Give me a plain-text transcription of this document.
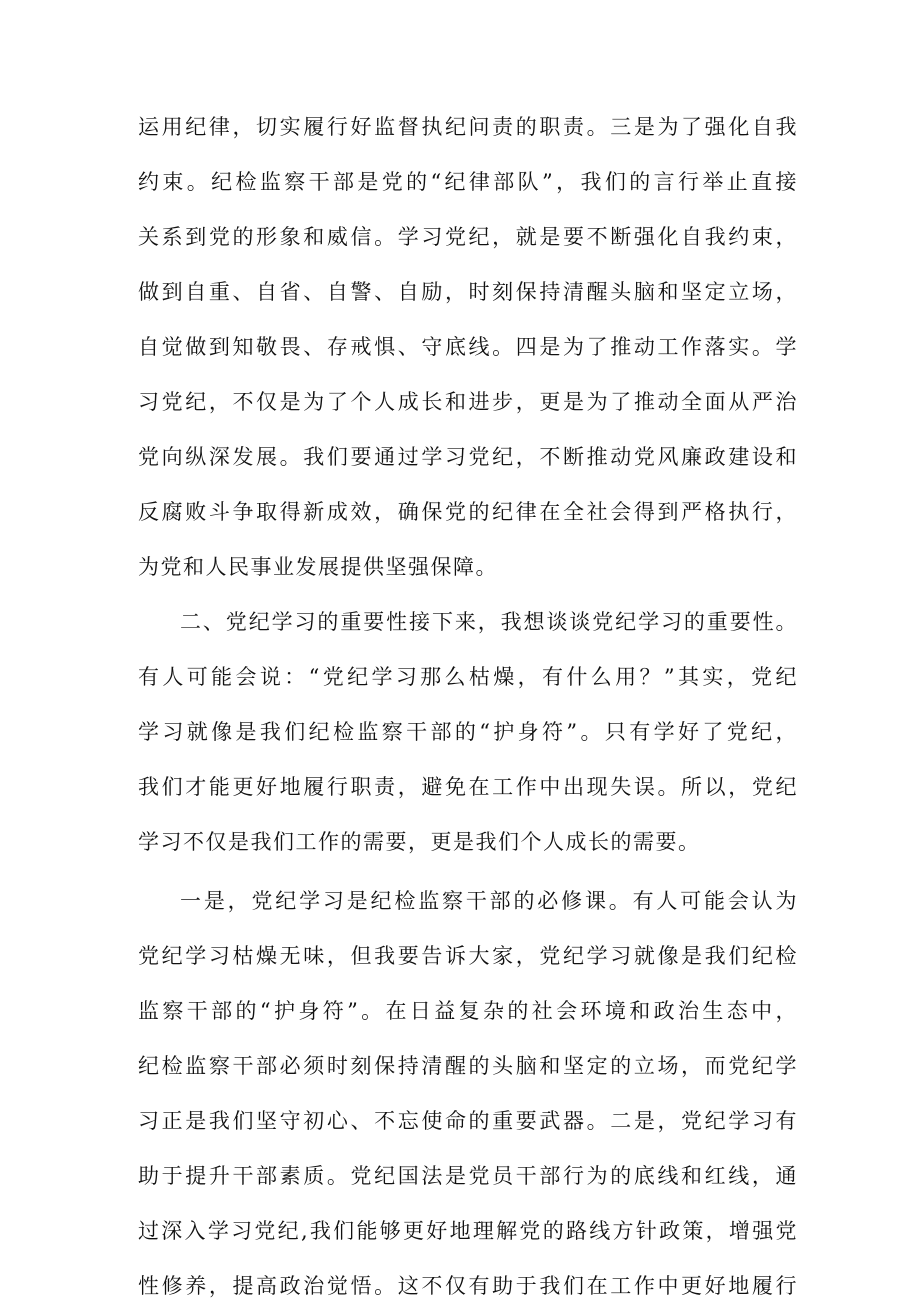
运用纪律，切实履行好监督执纪问责的职责。三是为了强化自我
约束。纪检监察干部是党的“纪律部队”，我们的言行举止直接
关系到党的形象和威信。学习党纪，就是要不断强化自我约束，
做到自重、自省、自警、自励，时刻保持清醒头脑和坚定立场，
自觉做到知敬畏、存戒惧、守底线。四是为了推动工作落实。学
习党纪，不仅是为了个人成长和进步，更是为了推动全面从严治
党向纵深发展。我们要通过学习党纪，不断推动党风廉政建设和
反腐败斗争取得新成效，确保党的纪律在全社会得到严格执行，
为党和人民事业发展提供坚强保障。
二、党纪学习的重要性接下来，我想谈谈党纪学习的重要性。
有人可能会说：“党纪学习那么枯燥，有什么用？”其实，党纪
学习就像是我们纪检监察干部的“护身符”。只有学好了党纪，
我们才能更好地履行职责，避免在工作中出现失误。所以，党纪
学习不仅是我们工作的需要，更是我们个人成长的需要。
一是，党纪学习是纪检监察干部的必修课。有人可能会认为
党纪学习枯燥无味，但我要告诉大家，党纪学习就像是我们纪检
监察干部的“护身符”。在日益复杂的社会环境和政治生态中，
纪检监察干部必须时刻保持清醒的头脑和坚定的立场，而党纪学
习正是我们坚守初心、不忘使命的重要武器。二是，党纪学习有
助于提升干部素质。党纪国法是党员干部行为的底线和红线，通
过深入学习党纪,我们能够更好地理解党的路线方针政策，增强党
性修养，提高政治觉悟。这不仅有助于我们在工作中更好地履行
